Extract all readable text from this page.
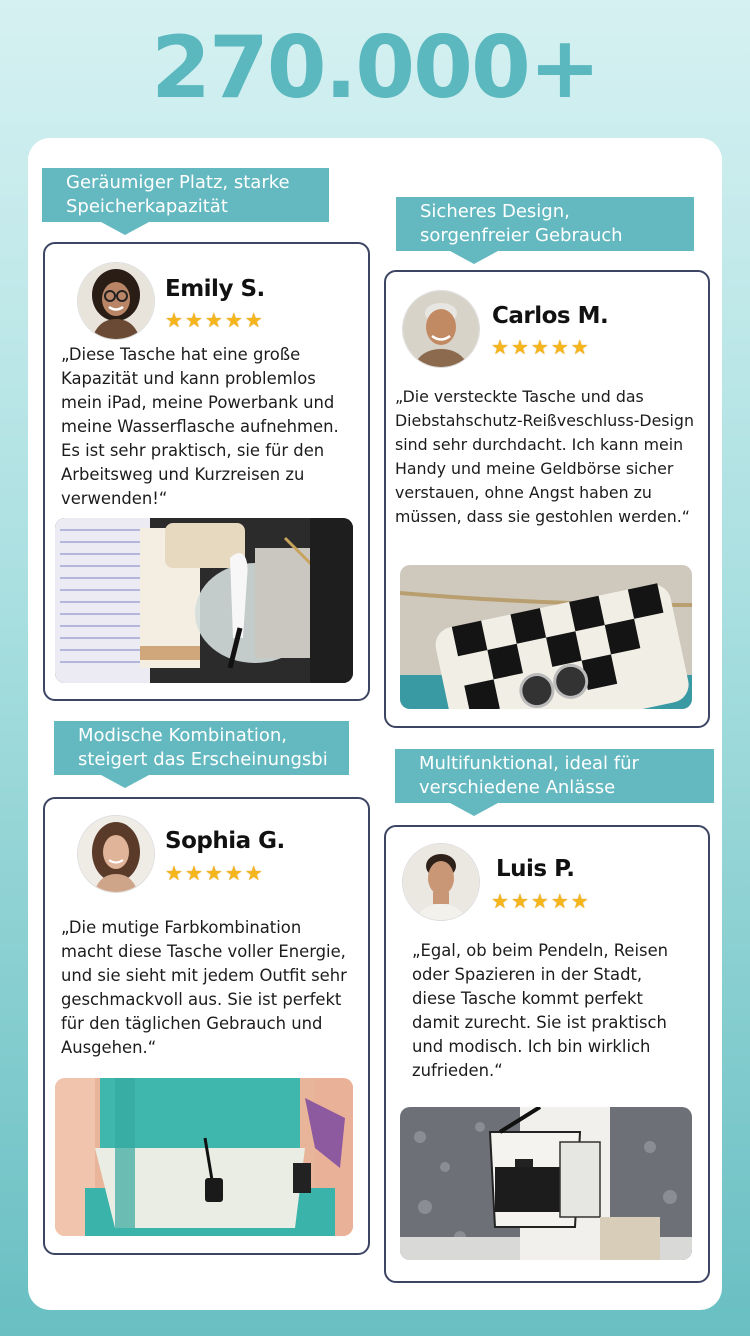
270.000+
Geräumiger Platz, starke
Speicherkapazität
Emily S.
★ ★ ★ ★ ★
„Diese Tasche hat eine große
Kapazität und kann problemlos
mein iPad, meine Powerbank und
meine Wasserflasche aufnehmen.
Es ist sehr praktisch, sie für den
Arbeitsweg und Kurzreisen zu
verwenden!“
Sicheres Design,
sorgenfreier Gebrauch
Carlos M.
★ ★ ★ ★ ★
„Die versteckte Tasche und das
Diebstahschutz-Reißveschluss-Design
sind sehr durchdacht. Ich kann mein
Handy und meine Geldbörse sicher
verstauen, ohne Angst haben zu
müssen, dass sie gestohlen werden.“
Modische Kombination,
steigert das Erscheinungsbi
Sophia G.
★ ★ ★ ★ ★
„Die mutige Farbkombination
macht diese Tasche voller Energie,
und sie sieht mit jedem Outfit sehr
geschmackvoll aus. Sie ist perfekt
für den täglichen Gebrauch und
Ausgehen.“
Multifunktional, ideal für
verschiedene Anlässe
Luis P.
★ ★ ★ ★ ★
„Egal, ob beim Pendeln, Reisen
oder Spazieren in der Stadt,
diese Tasche kommt perfekt
damit zurecht. Sie ist praktisch
und modisch. Ich bin wirklich
zufrieden.“
